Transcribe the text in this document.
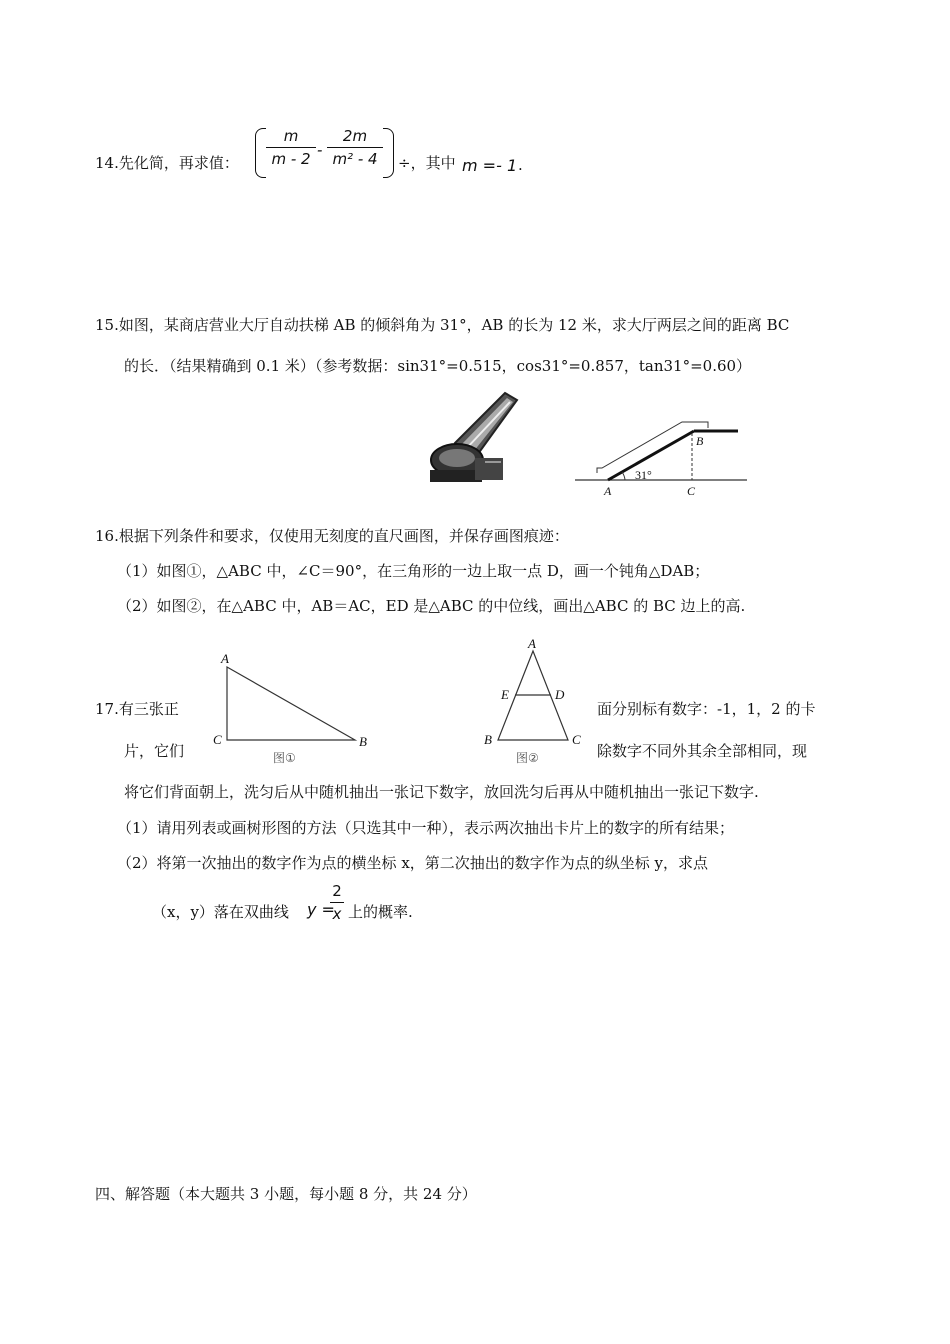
14.先化简，再求值：
m
m - 2 -
2m
m² - 4	÷，其中 m =- 1 .
15.如图，某商店营业大厅自动扶梯 AB 的倾斜角为 31°，AB 的长为 12 米，求大厅两层之间的距离 BC
的长．（结果精确到 0.1 米）（参考数据：sin31°=0.515，cos31°=0.857，tan31°=0.60）
31°
A
B
C
16.根据下列条件和要求，仅使用无刻度的直尺画图，并保存画图痕迹：
（1）如图①，△ABC 中，∠C＝90°，在三角形的一边上取一点 D，画一个钝角△DAB；
（2）如图②，在△ABC 中，AB＝AC，ED 是△ABC 的中位线，画出△ABC 的 BC 边上的高.
A
C	B
图①
A
E	D
B	C
图②
17.有三张正	面分别标有数字：-1，1，2 的卡
片，它们	除数字不同外其余全部相同，现
将它们背面朝上，洗匀后从中随机抽出一张记下数字，放回洗匀后再从中随机抽出一张记下数字.
（1）请用列表或画树形图的方法（只选其中一种），表示两次抽出卡片上的数字的所有结果；
（2）将第一次抽出的数字作为点的横坐标 x，第二次抽出的数字作为点的纵坐标 y，求点
（x，y）落在双曲线 y =
2
x 上的概率.
四、解答题（本大题共 3 小题，每小题 8 分，共 24 分）
